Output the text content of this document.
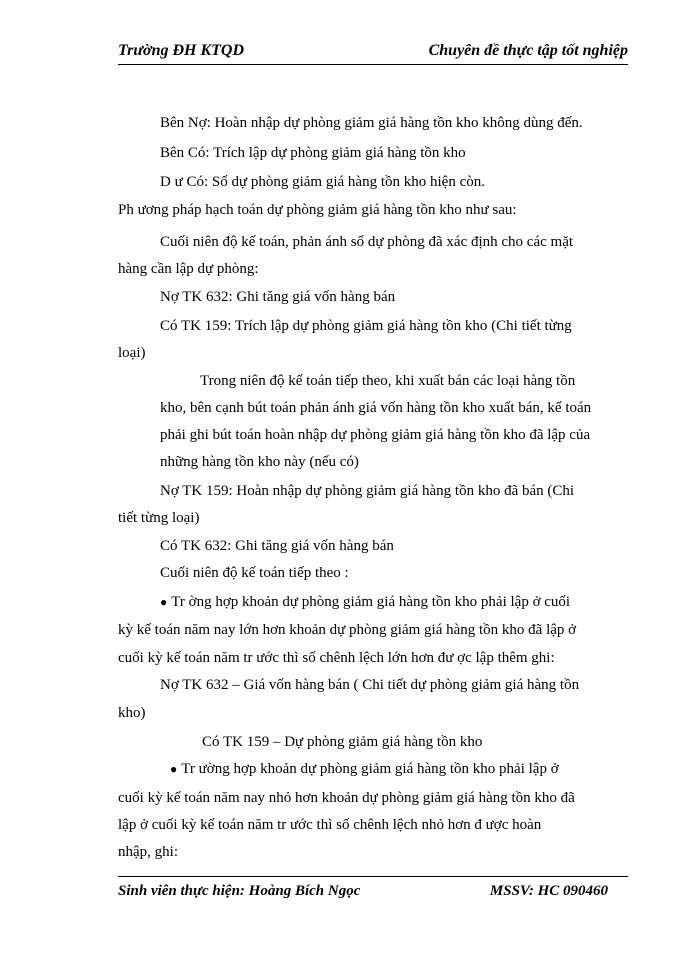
Trường ĐH KTQD	Chuyên đề thực tập tốt nghiệp
Bên Nợ: Hoàn nhập dự phòng giảm giá hàng tồn kho không dùng đến.
Bên Có: Trích lập dự phòng giảm giá hàng tồn kho
D ư Có: Số dự phòng giảm giá hàng tồn kho hiện còn.
Ph ương pháp hạch toán dự phòng giảm giá hàng tồn kho như sau:
Cuối niên độ kế toán, phản ánh số dự phòng đã xác định cho các mặt
hàng cần lập dự phòng:
Nợ TK 632: Ghi tăng giá vốn hàng bán
Có TK 159: Trích lập dự phòng giảm giá hàng tồn kho (Chi tiết từng
loại)
Trong niên độ kế toán tiếp theo, khi xuất bán các loại hàng tồn
kho, bên cạnh bút toán phản ánh giá vốn hàng tồn kho xuất bán, kế toán
phải ghi bút toán hoàn nhập dự phòng giảm giá hàng tồn kho đã lập của
những hàng tồn kho này (nếu có)
Nợ TK 159: Hoàn nhập dự phòng giảm giá hàng tồn kho đã bán (Chi
tiết từng loại)
Có TK 632: Ghi tăng giá vốn hàng bán
Cuối niên độ kế toán tiếp theo :
● Tr ờng hợp khoản dự phòng giảm giá hàng tồn kho phải lập ở cuối
kỳ kế toán năm nay lớn hơn khoản dự phòng giảm giá hàng tồn kho đã lập ở
cuối kỳ kế toán năm tr ước thì số chênh lệch lớn hơn đư ợc lập thêm ghi:
Nợ TK 632 – Giá vốn hàng bán ( Chi tiết dự phòng giảm giá hàng tồn
kho)
Có TK 159 – Dự phòng giảm giá hàng tồn kho
● Tr ường hợp khoản dự phòng giảm giá hàng tồn kho phải lập ở
cuối kỳ kế toán năm nay nhỏ hơn khoản dự phòng giảm giá hàng tồn kho đã
lập ở cuối kỳ kế toán năm tr ước thì số chênh lệch nhỏ hơn đ ược hoàn
nhập, ghi:
Sinh viên thực hiện: Hoàng Bích Ngọc	MSSV: HC 090460
